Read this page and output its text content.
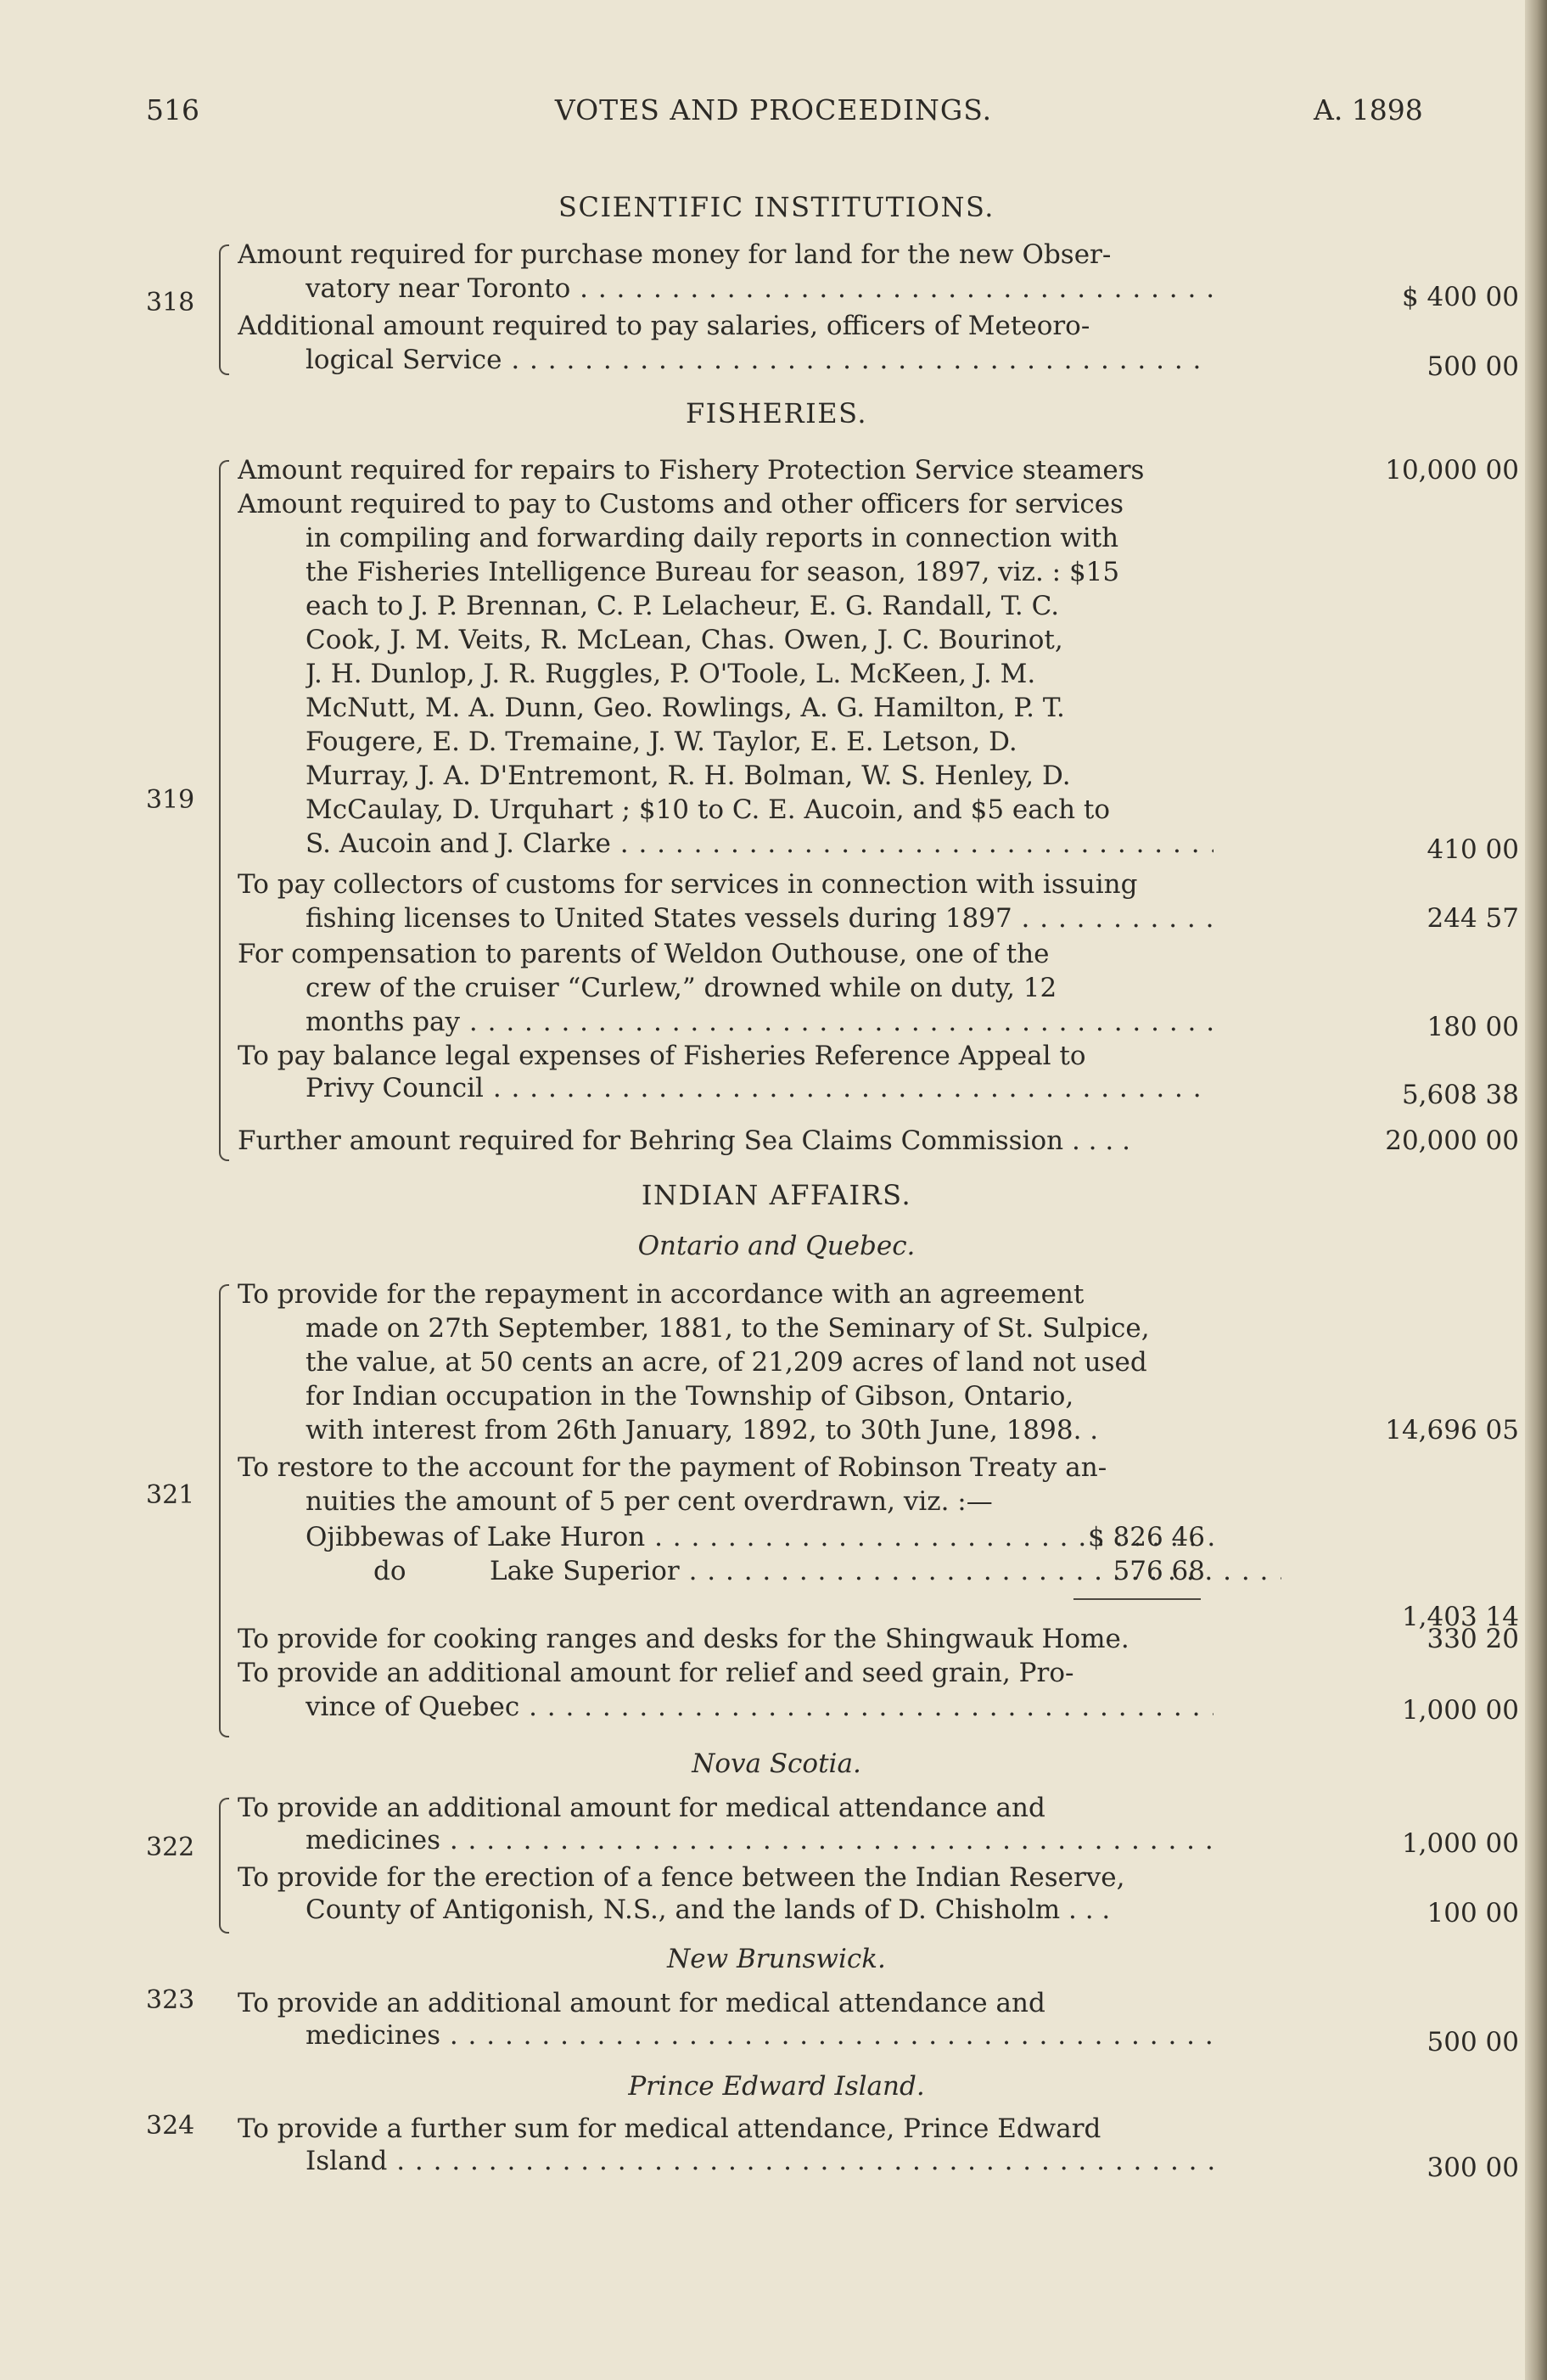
516	VOTES AND PROCEEDINGS.	A. 1898
SCIENTIFIC INSTITUTIONS.
318
Amount required for purchase money for land for the new Obser-
vatory near Toronto . . .	$ 400 00
Additional amount required to pay salaries, officers of Meteoro-
logical Service . . .	500 00
FISHERIES.
319
Amount required for repairs to Fishery Protection Service steamers	10,000 00
Amount required to pay to Customs and other officers for services
in compiling and forwarding daily reports in connection with
the Fisheries Intelligence Bureau for season, 1897, viz. : $15
each to J. P. Brennan, C. P. Lelacheur, E. G. Randall, T. C.
Cook, J. M. Veits, R. McLean, Chas. Owen, J. C. Bourinot,
J. H. Dunlop, J. R. Ruggles, P. O'Toole, L. McKeen, J. M.
McNutt, M. A. Dunn, Geo. Rowlings, A. G. Hamilton, P. T.
Fougere, E. D. Tremaine, J. W. Taylor, E. E. Letson, D.
Murray, J. A. D'Entremont, R. H. Bolman, W. S. Henley, D.
McCaulay, D. Urquhart ; $10 to C. E. Aucoin, and $5 each to
S. Aucoin and J. Clarke . . .	410 00
To pay collectors of customs for services in connection with issuing
fishing licenses to United States vessels during 1897 . . .	244 57
For compensation to parents of Weldon Outhouse, one of the
crew of the cruiser “Curlew,” drowned while on duty, 12
months pay . . .	180 00
To pay balance legal expenses of Fisheries Reference Appeal to
Privy Council . . .	5,608 38
Further amount required for Behring Sea Claims Commission . . . .	20,000 00
INDIAN AFFAIRS.
Ontario and Quebec.
321
To provide for the repayment in accordance with an agreement
made on 27th September, 1881, to the Seminary of St. Sulpice,
the value, at 50 cents an acre, of 21,209 acres of land not used
for Indian occupation in the Township of Gibson, Ontario,
with interest from 26th January, 1892, to 30th June, 1898. .	14,696 05
To restore to the account for the payment of Robinson Treaty an-
nuities the amount of 5 per cent overdrawn, viz. :—
Ojibbewas of Lake Huron . . .	$ 826 46
do          Lake Superior . . .	576 68
1,403 14
To provide for cooking ranges and desks for the Shingwauk Home.	330 20
To provide an additional amount for relief and seed grain, Pro-
vince of Quebec . . .	1,000 00
Nova Scotia.
322
To provide an additional amount for medical attendance and
medicines . . .	1,000 00
To provide for the erection of a fence between the Indian Reserve,
County of Antigonish, N.S., and the lands of D. Chisholm . . .	100 00
New Brunswick.
323 To provide an additional amount for medical attendance and
medicines . . .	500 00
Prince Edward Island.
324 To provide a further sum for medical attendance, Prince Edward
Island . . .	300 00
